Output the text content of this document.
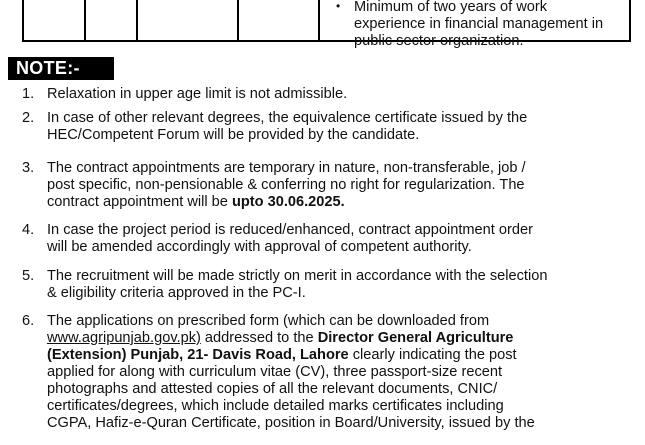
• Minimum of two years of work
experience in financial management in
public sector organization.
NOTE:-
1. Relaxation in upper age limit is not admissible.
2. In case of other relevant degrees, the equivalence certificate issued by the
HEC/Competent Forum will be provided by the candidate.
3. The contract appointments are temporary in nature, non-transferable, job /
post specific, non-pensionable & conferring no right for regularization. The
contract appointment will be upto 30.06.2025.
4. In case the project period is reduced/enhanced, contract appointment order
will be amended accordingly with approval of competent authority.
5. The recruitment will be made strictly on merit in accordance with the selection
& eligibility criteria approved in the PC-I.
6. The applications on prescribed form (which can be downloaded from
www.agripunjab.gov.pk) addressed to the Director General Agriculture
(Extension) Punjab, 21- Davis Road, Lahore clearly indicating the post
applied for along with curriculum vitae (CV), three passport-size recent
photographs and attested copies of all the relevant documents, CNIC/
certificates/degrees, which include detailed marks certificates including
CGPA, Hafiz-e-Quran Certificate, position in Board/University, issued by the
